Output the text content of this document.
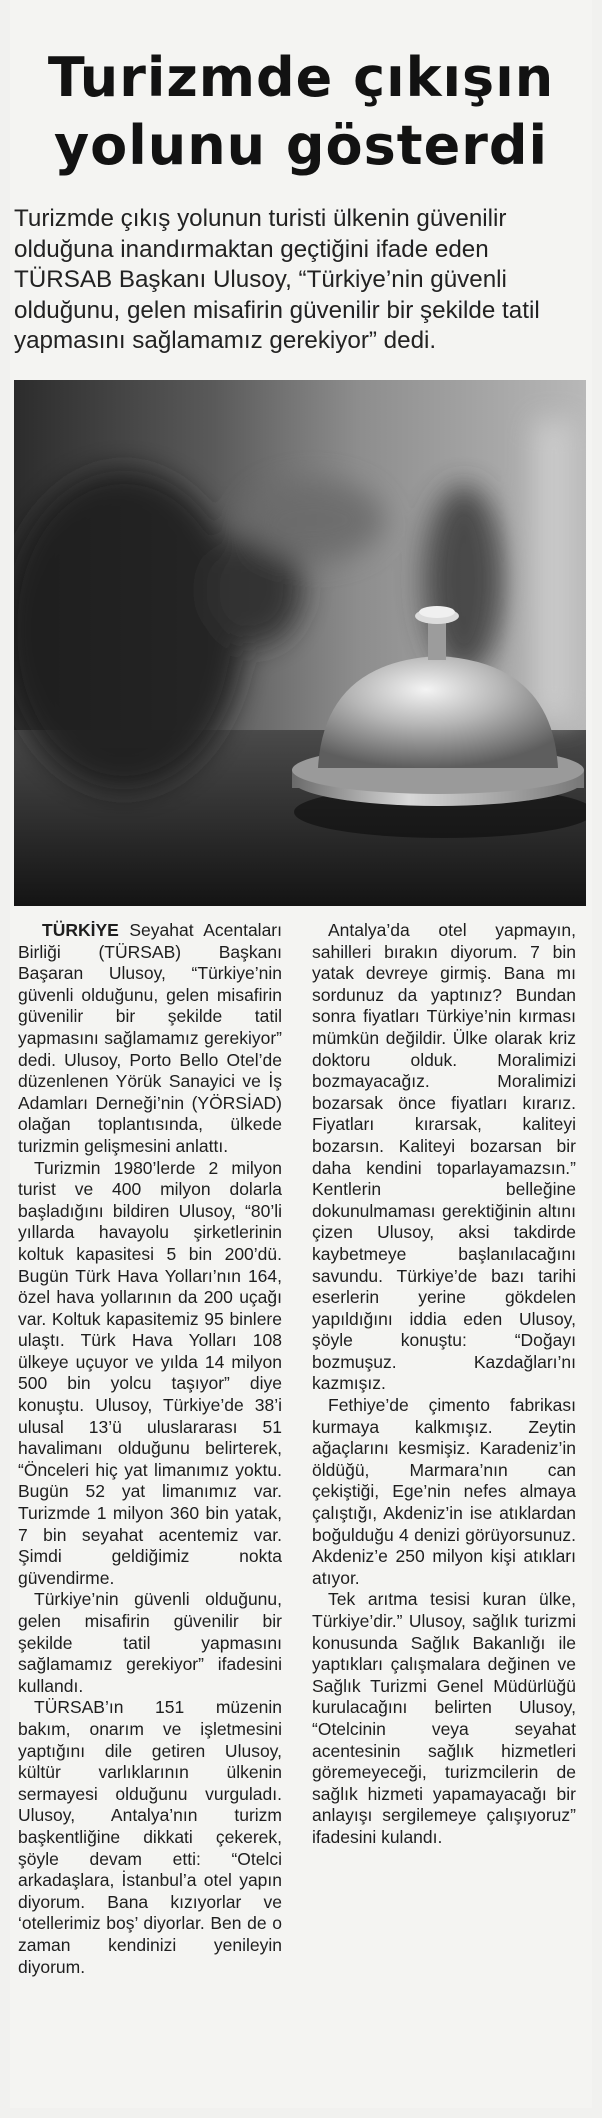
Turizmde çıkışın yolunu gösterdi

Turizmde çıkış yolunun turisti ülkenin güvenilir olduğuna inandırmaktan geçtiğini ifade eden TÜRSAB Başkanı Ulusoy, “Türkiye’nin güvenli olduğunu, gelen misafirin güvenilir bir şekilde tatil yapmasını sağlamamız gerekiyor” dedi.

TÜRKİYE Seyahat Acentaları Birliği (TÜRSAB) Başkanı Başaran Ulusoy, “Türkiye’nin güvenli olduğunu, gelen misafirin güvenilir bir şekilde tatil yapmasını sağlamamız gerekiyor” dedi. Ulusoy, Porto Bello Otel’de düzenlenen Yörük Sanayici ve İş Adamları Derneği’nin (YÖRSİAD) olağan toplantısında, ülkede turizmin gelişmesini anlattı.

Turizmin 1980’lerde 2 milyon turist ve 400 milyon dolarla başladığını bildiren Ulusoy, “80’li yıllarda havayolu şirketlerinin koltuk kapasitesi 5 bin 200’dü. Bugün Türk Hava Yolları’nın 164, özel hava yollarının da 200 uçağı var. Koltuk kapasitemiz 95 binlere ulaştı. Türk Hava Yolları 108 ülkeye uçuyor ve yılda 14 milyon 500 bin yolcu taşıyor” diye konuştu. Ulusoy, Türkiye’de 38’i ulusal 13’ü uluslararası 51 havalimanı olduğunu belirterek, “Önceleri hiç yat limanımız yoktu. Bugün 52 yat limanımız var. Turizmde 1 milyon 360 bin yatak, 7 bin seyahat acentemiz var. Şimdi geldiğimiz nokta güvendirme.

Türkiye’nin güvenli olduğunu, gelen misafirin güvenilir bir şekilde tatil yapmasını sağlamamız gerekiyor” ifadesini kullandı.

TÜRSAB’ın 151 müzenin bakım, onarım ve işletmesini yaptığını dile getiren Ulusoy, kültür varlıklarının ülkenin sermayesi olduğunu vurguladı. Ulusoy, Antalya’nın turizm başkentliğine dikkati çekerek, şöyle devam etti: “Otelci arkadaşlara, İstanbul’a otel yapın diyorum. Bana kızıyorlar ve ‘otellerimiz boş’ diyorlar. Ben de o zaman kendinizi yenileyin diyorum.

Antalya’da otel yapmayın, sahilleri bırakın diyorum. 7 bin yatak devreye girmiş. Bana mı sordunuz da yaptınız? Bundan sonra fiyatları Türkiye’nin kırması mümkün değildir. Ülke olarak kriz doktoru olduk. Moralimizi bozmayacağız. Moralimizi bozarsak önce fiyatları kırarız. Fiyatları kırarsak, kaliteyi bozarsın. Kaliteyi bozarsan bir daha kendini toparlayamazsın.” Kentlerin belleğine dokunulmaması gerektiğinin altını çizen Ulusoy, aksi takdirde kaybetmeye başlanılacağını savundu. Türkiye’de bazı tarihi eserlerin yerine gökdelen yapıldığını iddia eden Ulusoy, şöyle konuştu: “Doğayı bozmuşuz. Kazdağları’nı kazmışız.

Fethiye’de çimento fabrikası kurmaya kalkmışız. Zeytin ağaçlarını kesmişiz. Karadeniz’in öldüğü, Marmara’nın can çekiştiği, Ege’nin nefes almaya çalıştığı, Akdeniz’in ise atıklardan boğulduğu 4 denizi görüyorsunuz. Akdeniz’e 250 milyon kişi atıkları atıyor.

Tek arıtma tesisi kuran ülke, Türkiye’dir.” Ulusoy, sağlık turizmi konusunda Sağlık Bakanlığı ile yaptıkları çalışmalara değinen ve Sağlık Turizmi Genel Müdürlüğü kurulacağını belirten Ulusoy, “Otelcinin veya seyahat acentesinin sağlık hizmetleri göremeyeceği, turizmcilerin de sağlık hizmeti yapamayacağı bir anlayışı sergilemeye çalışıyoruz” ifadesini kulandı.
